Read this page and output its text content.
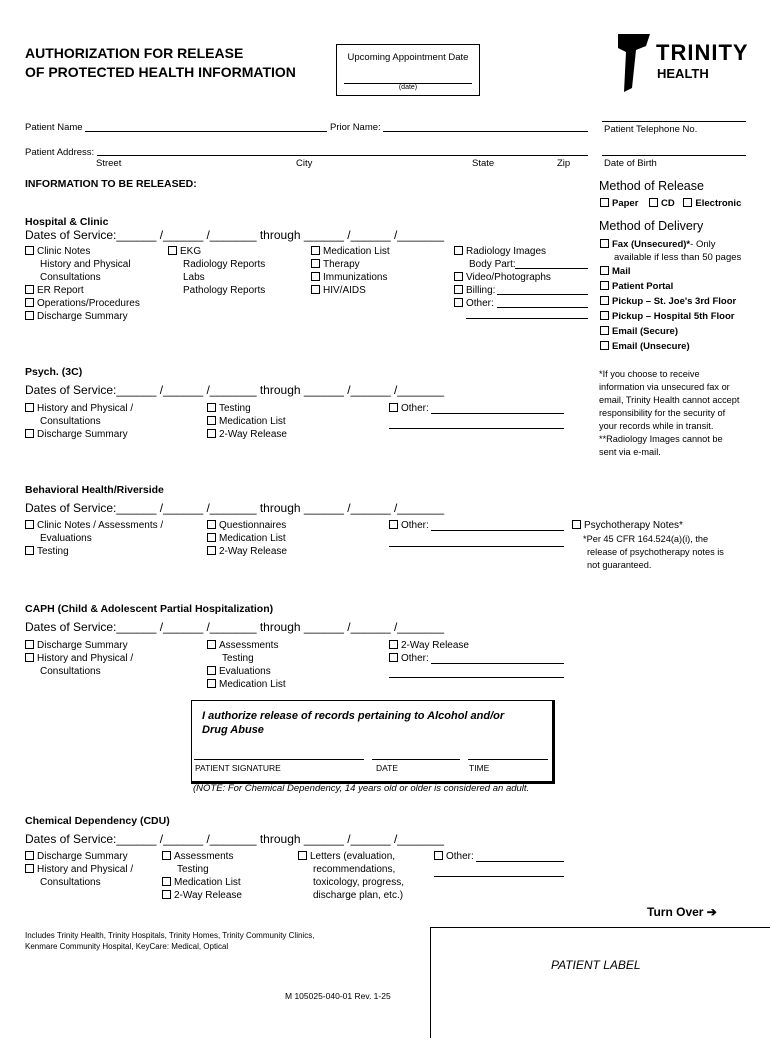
AUTHORIZATION FOR RELEASE
OF PROTECTED HEALTH INFORMATION
Upcoming Appointment Date
(date)
TRINITY
HEALTH
Patient Name	Prior Name:	Patient Telephone No.
Patient Address:
Street	City	State	Zip	Date of Birth
INFORMATION TO BE RELEASED:	Method of Release
Paper CD Electronic
Method of Delivery
Fax (Unsecured)*- Only
available if less than 50 pages
Mail
Patient Portal
Pickup – St. Joe's 3rd Floor
Pickup – Hospital 5th Floor
Email (Secure)
Email (Unsecure)
*If you choose to receive
information via unsecured fax or
email, Trinity Health cannot accept
responsibility for the security of
your records while in transit.
**Radiology Images cannot be
sent via e-mail.
Hospital & Clinic
Dates of Service:______ /______ /_______ through ______ /______ /_______
Clinic Notes
History and Physical
Consultations
ER Report
Operations/Procedures
Discharge Summary
EKG
Radiology Reports
Labs
Pathology Reports
Medication List
Therapy
Immunizations
HIV/AIDS
Radiology Images
Body Part:
Video/Photographs
Billing:
Other:
Psych. (3C)
Dates of Service:______ /______ /_______ through ______ /______ /_______
History and Physical /
Consultations
Discharge Summary
Testing
Medication List
2-Way Release
Other:
Behavioral Health/Riverside
Dates of Service:______ /______ /_______ through ______ /______ /_______
Clinic Notes / Assessments /
Evaluations
Testing
Questionnaires
Medication List
2-Way Release
Other:	Psychotherapy Notes*
*Per 45 CFR 164.524(a)(i), the
release of psychotherapy notes is
not guaranteed.
CAPH (Child & Adolescent Partial Hospitalization)
Dates of Service:______ /______ /_______ through ______ /______ /_______
Discharge Summary
History and Physical /
Consultations
Assessments
Testing
Evaluations
Medication List
2-Way Release
Other:
I authorize release of records pertaining to Alcohol and/or
Drug Abuse
PATIENT SIGNATURE	DATE	TIME
(NOTE: For Chemical Dependency, 14 years old or older is considered an adult.
Chemical Dependency (CDU)
Dates of Service:______ /______ /_______ through ______ /______ /_______
Discharge Summary
History and Physical /
Consultations
Assessments
Testing
Medication List
2-Way Release
Letters (evaluation,
recommendations,
toxicology, progress,
discharge plan, etc.)
Other:
Turn Over ➔
Includes Trinity Health, Trinity Hospitals, Trinity Homes, Trinity Community Clinics,
Kenmare Community Hospital, KeyCare: Medical, Optical
M 105025-040-01 Rev. 1-25
PATIENT LABEL
